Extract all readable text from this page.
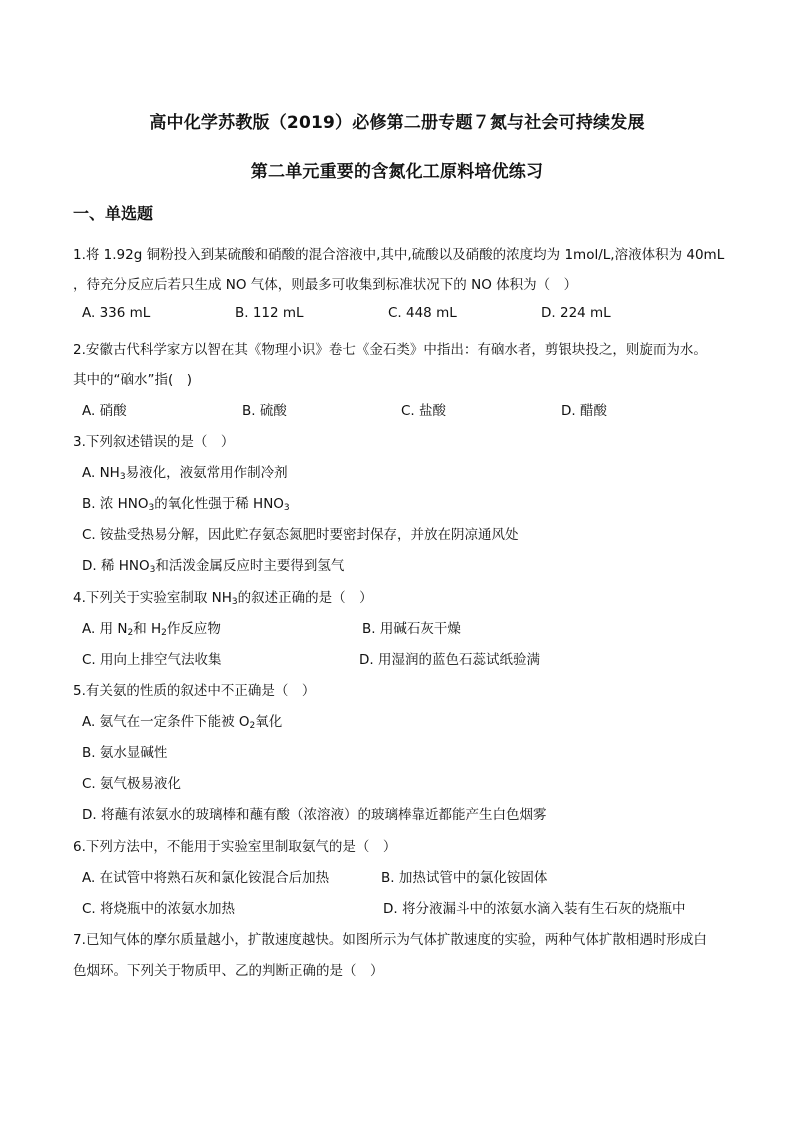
高中化学苏教版（2019）必修第二册专题７氮与社会可持续发展
第二单元重要的含氮化工原料培优练习
一、单选题
1.将 1.92g 铜粉投入到某硫酸和硝酸的混合溶液中,其中,硫酸以及硝酸的浓度均为 1mol/L,溶液体积为 40mL
，待充分反应后若只生成 NO 气体，则最多可收集到标准状况下的 NO 体积为（　）
A. 336 mL	B. 112 mL	C. 448 mL	D. 224 mL
2.安徽古代科学家方以智在其《物理小识》卷七《金石类》中指出：有硇水者，剪银块投之，则旋而为水。
其中的“硇水”指(　)
A. 硝酸	B. 硫酸	C. 盐酸	D. 醋酸
3.下列叙述错误的是（　）
A. $NH_3$易液化，液氨常用作制冷剂
B. 浓 $HNO_3$的氧化性强于稀 $HNO_3$
C. 铵盐受热易分解，因此贮存氨态氮肥时要密封保存，并放在阴凉通风处
D. 稀 $HNO_3$和活泼金属反应时主要得到氢气
4.下列关于实验室制取 $NH_3$的叙述正确的是（　）
A. 用 $N_2$和 $H_2$作反应物	B. 用碱石灰干燥
C. 用向上排空气法收集	D. 用湿润的蓝色石蕊试纸验满
5.有关氨的性质的叙述中不正确是（　）
A. 氨气在一定条件下能被 $O_2$氧化
B. 氨水显碱性
C. 氨气极易液化
D. 将蘸有浓氨水的玻璃棒和蘸有酸（浓溶液）的玻璃棒靠近都能产生白色烟雾
6.下列方法中，不能用于实验室里制取氨气的是（　）
A. 在试管中将熟石灰和氯化铵混合后加热	B. 加热试管中的氯化铵固体
C. 将烧瓶中的浓氨水加热	D. 将分液漏斗中的浓氨水滴入装有生石灰的烧瓶中
7.已知气体的摩尔质量越小，扩散速度越快。如图所示为气体扩散速度的实验，两种气体扩散相遇时形成白
色烟环。下列关于物质甲、乙的判断正确的是（　）
